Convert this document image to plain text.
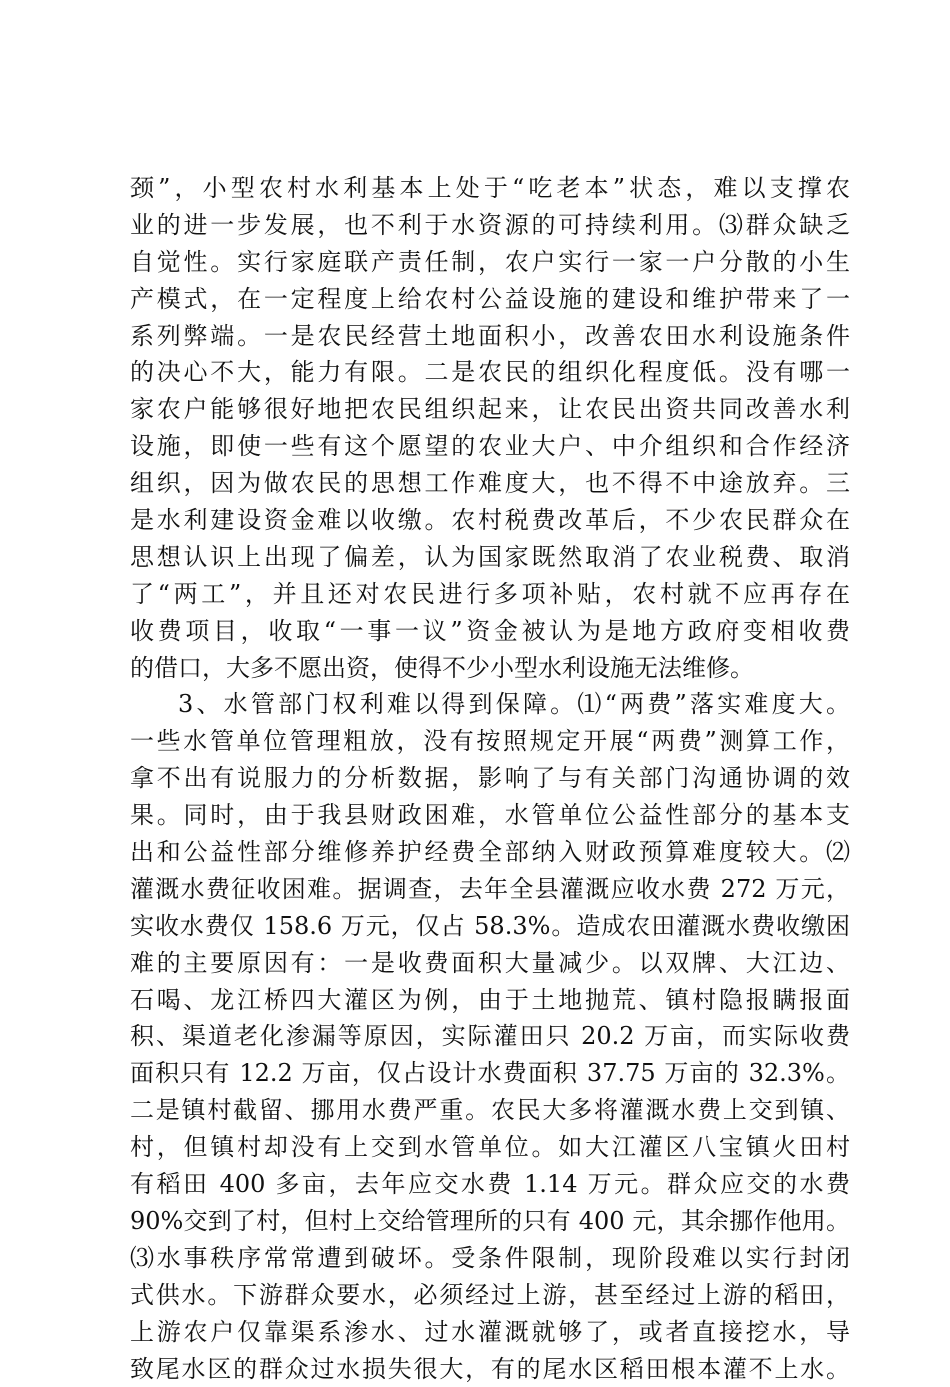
颈”，小型农村水利基本上处于“吃老本”状态，难以支撑农
业的进一步发展，也不利于水资源的可持续利用。⑶群众缺乏
自觉性。实行家庭联产责任制，农户实行一家一户分散的小生
产模式，在一定程度上给农村公益设施的建设和维护带来了一
系列弊端。一是农民经营土地面积小，改善农田水利设施条件
的决心不大，能力有限。二是农民的组织化程度低。没有哪一
家农户能够很好地把农民组织起来，让农民出资共同改善水利
设施，即使一些有这个愿望的农业大户、中介组织和合作经济
组织，因为做农民的思想工作难度大，也不得不中途放弃。三
是水利建设资金难以收缴。农村税费改革后，不少农民群众在
思想认识上出现了偏差，认为国家既然取消了农业税费、取消
了“两工”，并且还对农民进行多项补贴，农村就不应再存在
收费项目，收取“一事一议”资金被认为是地方政府变相收费
的借口，大多不愿出资，使得不少小型水利设施无法维修。
3、水管部门权利难以得到保障。⑴“两费”落实难度大。
一些水管单位管理粗放，没有按照规定开展“两费”测算工作，
拿不出有说服力的分析数据，影响了与有关部门沟通协调的效
果。同时，由于我县财政困难，水管单位公益性部分的基本支
出和公益性部分维修养护经费全部纳入财政预算难度较大。⑵
灌溉水费征收困难。据调查，去年全县灌溉应收水费 272 万元，
实收水费仅 158.6 万元，仅占 58.3%。造成农田灌溉水费收缴困
难的主要原因有：一是收费面积大量减少。以双牌、大江边、
石喝、龙江桥四大灌区为例，由于土地抛荒、镇村隐报瞒报面
积、渠道老化渗漏等原因，实际灌田只 20.2 万亩，而实际收费
面积只有 12.2 万亩，仅占设计水费面积 37.75 万亩的 32.3%。
二是镇村截留、挪用水费严重。农民大多将灌溉水费上交到镇、
村，但镇村却没有上交到水管单位。如大江灌区八宝镇火田村
有稻田 400 多亩，去年应交水费 1.14 万元。群众应交的水费
90%交到了村，但村上交给管理所的只有 400 元，其余挪作他用。
⑶水事秩序常常遭到破坏。受条件限制，现阶段难以实行封闭
式供水。下游群众要水，必须经过上游，甚至经过上游的稻田，
上游农户仅靠渠系渗水、过水灌溉就够了，或者直接挖水，导
致尾水区的群众过水损失很大，有的尾水区稻田根本灌不上水。
